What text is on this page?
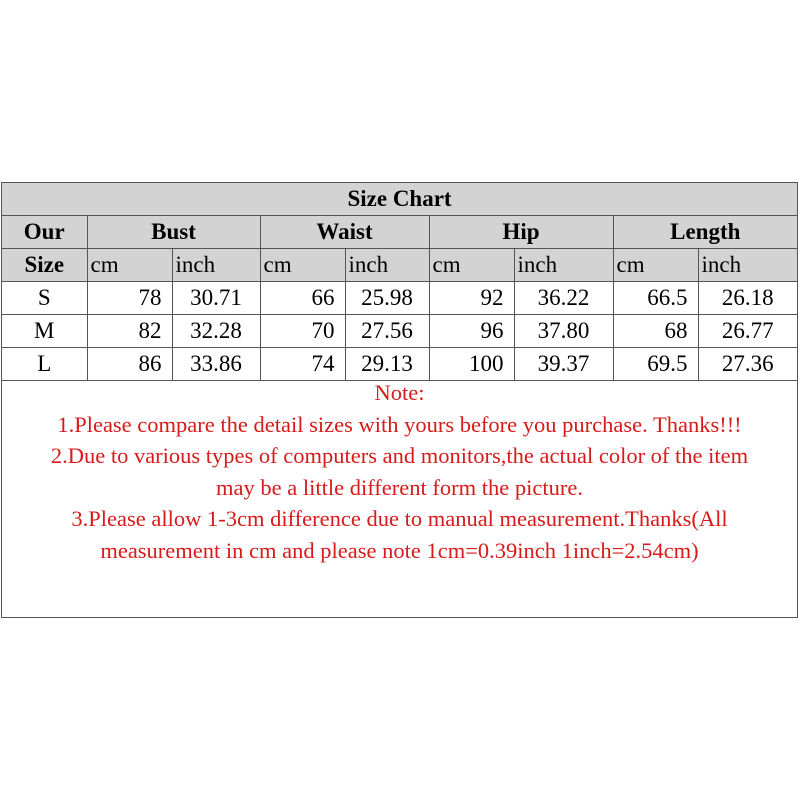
Size Chart								
Our	Bust		Waist		Hip		Length	
Size	cm	inch	cm	inch	cm	inch	cm	inch
S	78	30.71	66	25.98	92	36.22	66.5	26.18
M	82	32.28	70	27.56	96	37.80	68	26.77
L	86	33.86	74	29.13	100	39.37	69.5	27.36
Note:
1.Please compare the detail sizes with yours before you purchase. Thanks!!!
2.Due to various types of computers and monitors,the actual color of the item
may be a little different form the picture.
3.Please allow 1-3cm difference due to manual measurement.Thanks(All
measurement in cm and please note 1cm=0.39inch 1inch=2.54cm)
